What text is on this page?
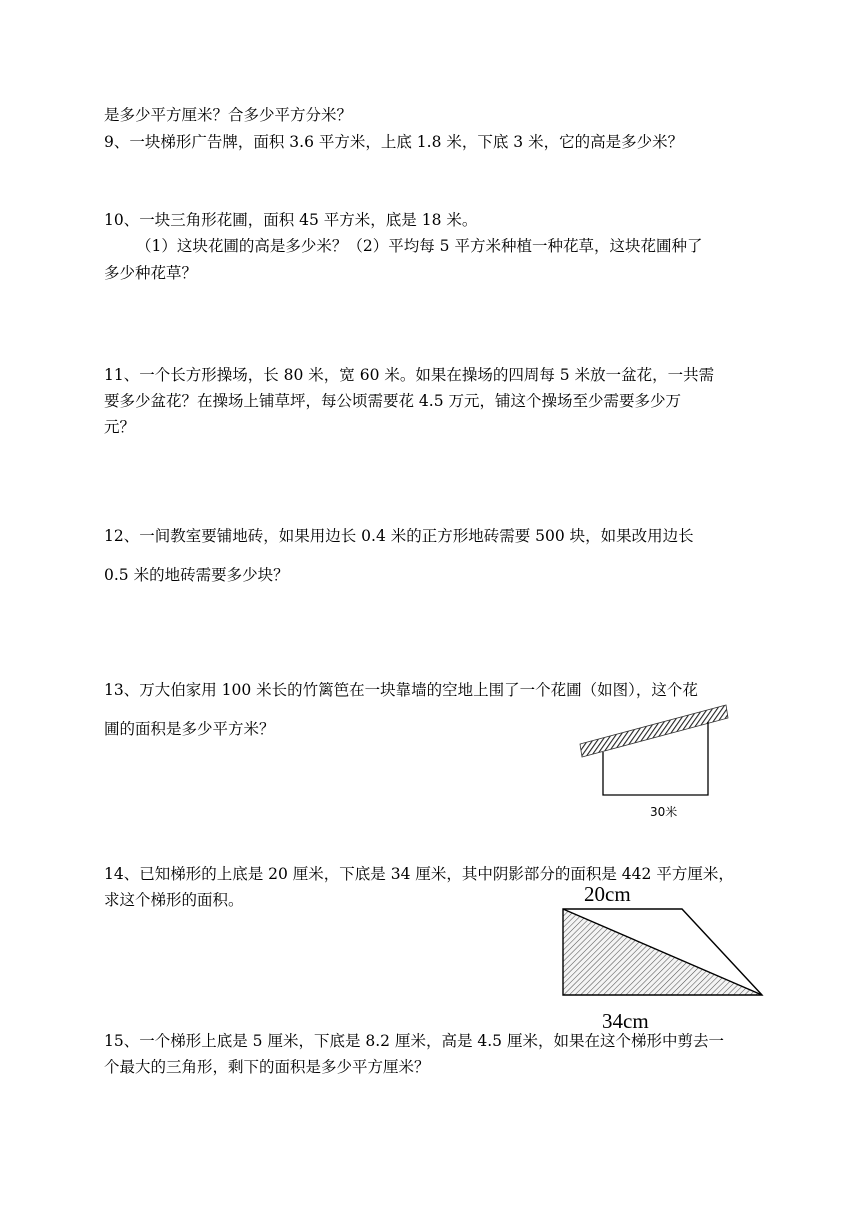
是多少平方厘米？合多少平方分米？
9、一块梯形广告牌，面积 3.6 平方米，上底 1.8 米，下底 3 米，它的高是多少米？
10、一块三角形花圃，面积 45 平方米，底是 18 米。
（1）这块花圃的高是多少米？（2）平均每 5 平方米种植一种花草，这块花圃种了
多少种花草？
11、一个长方形操场，长 80 米，宽 60 米。如果在操场的四周每 5 米放一盆花，一共需
要多少盆花？在操场上铺草坪，每公顷需要花 4.5 万元，铺这个操场至少需要多少万
元？
12、一间教室要铺地砖，如果用边长 0.4 米的正方形地砖需要 500 块，如果改用边长
0.5 米的地砖需要多少块？
13、万大伯家用 100 米长的竹篱笆在一块靠墙的空地上围了一个花圃（如图），这个花
圃的面积是多少平方米？
30米
14、已知梯形的上底是 20 厘米，下底是 34 厘米，其中阴影部分的面积是 442 平方厘米，
求这个梯形的面积。	20cm
34cm
15、一个梯形上底是 5 厘米，下底是 8.2 厘米，高是 4.5 厘米，如果在这个梯形中剪去一
个最大的三角形，剩下的面积是多少平方厘米？
